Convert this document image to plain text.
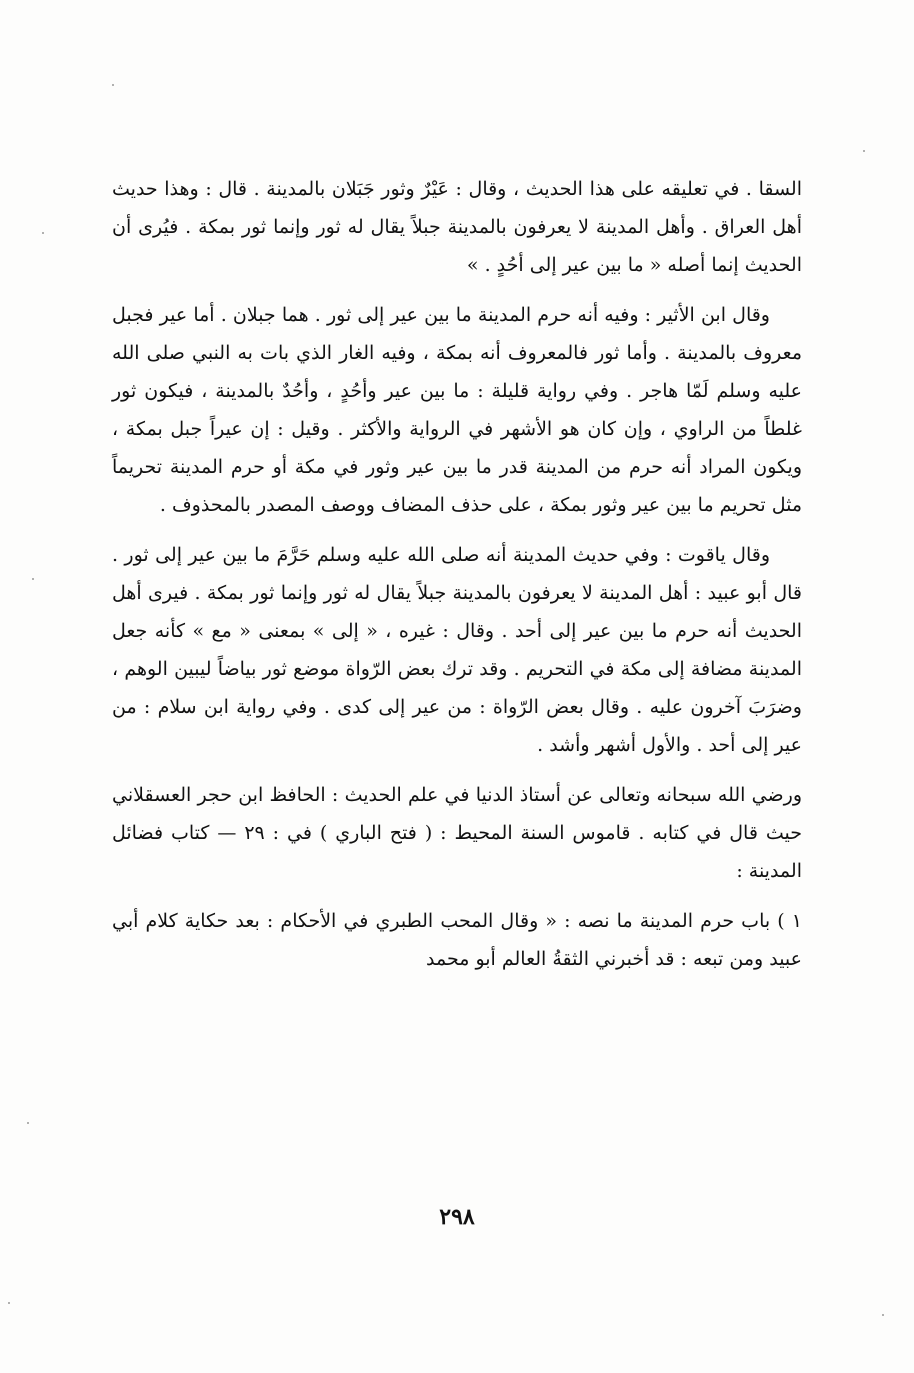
السقا . في تعليقه على هذا الحديث ، وقال : عَيْرٌ وثور جَبَلان بالمدينة . قال : وهذا حديث أهل العراق . وأهل المدينة لا يعرفون بالمدينة جبلاً يقال له ثور وإنما ثور بمكة . فيُرى أن الحديث إنما أصله « ما بين عير إلى أحُدٍ . »

وقال ابن الأثير : وفيه أنه حرم المدينة ما بين عير إلى ثور . هما جبلان . أما عير فجبل معروف بالمدينة . وأما ثور فالمعروف أنه بمكة ، وفيه الغار الذي بات به النبي صلى الله عليه وسلم لَمّا هاجر . وفي رواية قليلة : ما بين عير وأحُدٍ ، وأحُدٌ بالمدينة ، فيكون ثور غلطاً من الراوي ، وإن كان هو الأشهر في الرواية والأكثر . وقيل : إن عيراً جبل بمكة ، ويكون المراد أنه حرم من المدينة قدر ما بين عير وثور في مكة أو حرم المدينة تحريماً مثل تحريم ما بين عير وثور بمكة ، على حذف المضاف ووصف المصدر بالمحذوف .

وقال ياقوت : وفي حديث المدينة أنه صلى الله عليه وسلم حَرَّمَ ما بين عير إلى ثور . قال أبو عبيد : أهل المدينة لا يعرفون بالمدينة جبلاً يقال له ثور وإنما ثور بمكة . فيرى أهل الحديث أنه حرم ما بين عير إلى أحد . وقال : غيره ، « إلى » بمعنى « مع » كأنه جعل المدينة مضافة إلى مكة في التحريم . وقد ترك بعض الرّواة موضع ثور بياضاً ليبين الوهم ، وضرَبَ آخرون عليه . وقال بعض الرّواة : من عير إلى كدى . وفي رواية ابن سلام : من عير إلى أحد . والأول أشهر وأشد .

ورضي الله سبحانه وتعالى عن أستاذ الدنيا في علم الحديث : الحافظ ابن حجر العسقلاني حيث قال في كتابه . قاموس السنة المحيط : ( فتح الباري ) في : ٢٩ — كتاب فضائل المدينة :

١ ) باب حرم المدينة ما نصه : « وقال المحب الطبري في الأحكام : بعد حكاية كلام أبي عبيد ومن تبعه : قد أخبرني الثقةُ العالم أبو محمد

٢٩٨
